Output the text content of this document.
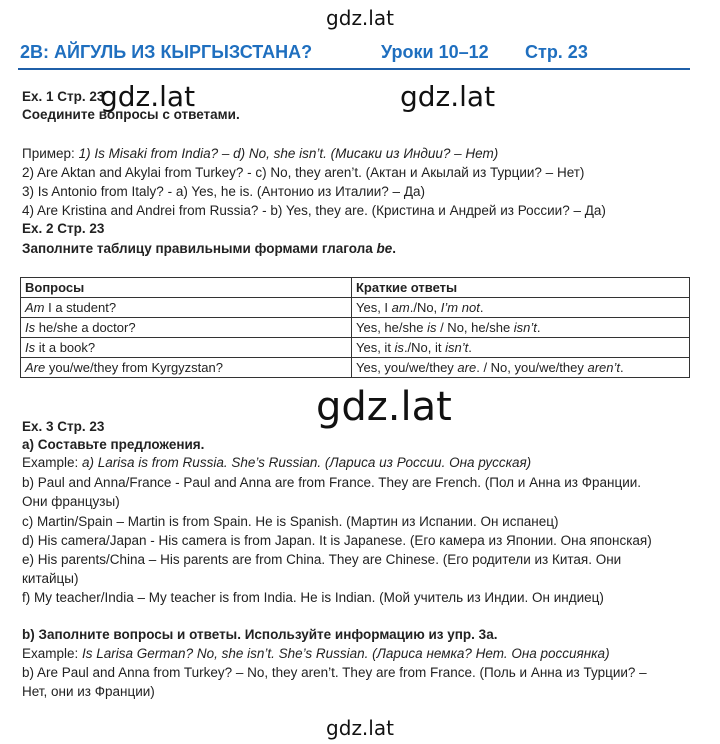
gdz.lat
2B: АЙГУЛЬ ИЗ КЫРГЫЗСТАНА?	Уроки 10–12 Стр. 23
Ex. 1 Стр. 23
gdz.lat	gdz.lat
Соедините вопросы с ответами.
Пример: 1) Is Misaki from India? – d) No, she isn’t. (Мисаки из Индии? – Нет)
2) Are Aktan and Akylai from Turkey? - c) No, they aren’t. (Актан и Акылай из Турции? – Нет)
3) Is Antonio from Italy? - a) Yes, he is. (Антонио из Италии? – Да)
4) Are Kristina and Andrei from Russia? - b) Yes, they are. (Кристина и Андрей из России? – Да)
Ex. 2 Стр. 23
Заполните таблицу правильными формами глагола be.
Вопросы	Краткие ответы
Am I a student?	Yes, I am./No, I’m not.
Is he/she a doctor?	Yes, he/she is / No, he/she isn’t.
Is it a book?	Yes, it is./No, it isn’t.
Are you/we/they from Kyrgyzstan?	Yes, you/we/they are. / No, you/we/they aren’t.
gdz.lat
Ex. 3 Стр. 23
a) Составьте предложения.
Example: a) Larisa is from Russia. She’s Russian. (Лариса из России. Она русская)
b) Paul and Anna/France - Paul and Anna are from France. They are French. (Пол и Анна из Франции.
Они французы)
c) Martin/Spain – Martin is from Spain. He is Spanish. (Мартин из Испании. Он испанец)
d) His camera/Japan - His camera is from Japan. It is Japanese. (Его камера из Японии. Она японская)
e) His parents/China – His parents are from China. They are Chinese. (Его родители из Китая. Они
китайцы)
f) My teacher/India – My teacher is from India. He is Indian. (Мой учитель из Индии. Он индиец)
b) Заполните вопросы и ответы. Используйте информацию из упр. 3а.
Example: Is Larisa German? No, she isn’t. She’s Russian. (Лариса немка? Нет. Она россиянка)
b) Are Paul and Anna from Turkey? – No, they aren’t. They are from France. (Поль и Анна из Турции? –
Нет, они из Франции)
gdz.lat
